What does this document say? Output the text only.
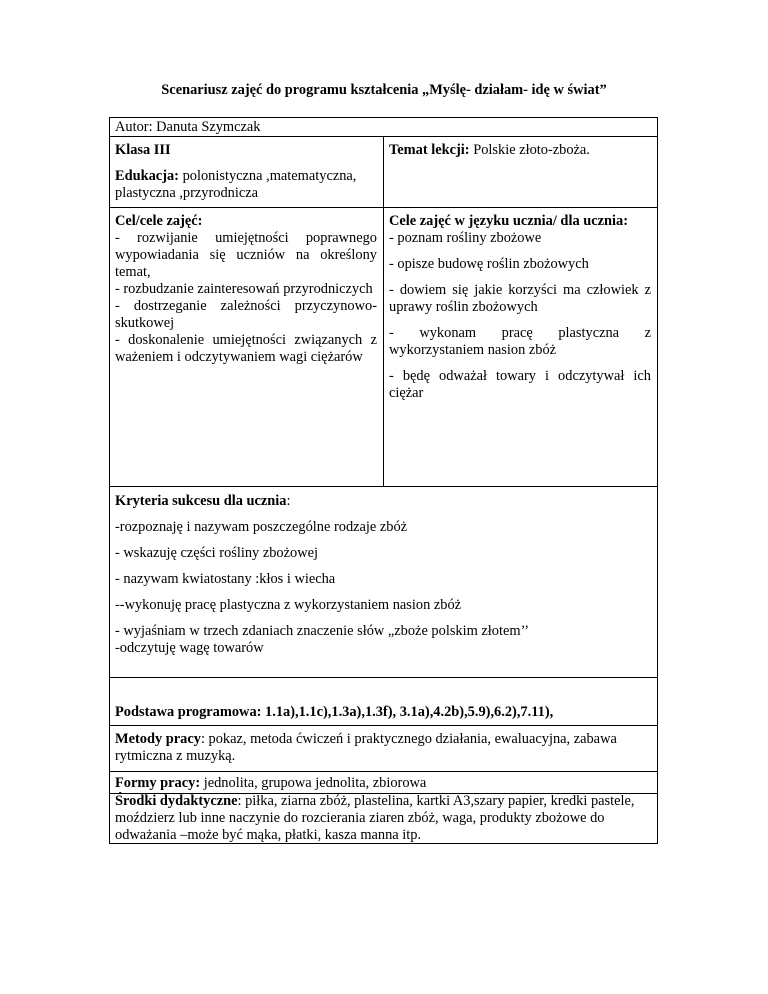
Scenariusz zajęć do programu kształcenia „Myślę- działam- idę w świat”
Autor: Danuta Szymczak
Klasa III	Temat lekcji: Polskie złoto-zboża.
Edukacja: polonistyczna ,matematyczna, plastyczna ,przyrodnicza

Cel/cele zajęć:

- rozwijanie umiejętności poprawnego wypowiadania się uczniów na określony temat,

- rozbudzanie zainteresowań przyrodniczych

- dostrzeganie zależności przyczynowo-skutkowej

- doskonalenie umiejętności związanych z ważeniem i odczytywaniem wagi ciężarów

Cele zajęć w języku ucznia/ dla ucznia:

- poznam rośliny zbożowe

- opisze budowę roślin zbożowych

- dowiem się jakie korzyści ma człowiek z uprawy roślin zbożowych

- wykonam pracę plastyczna z wykorzystaniem nasion zbóż

- będę odważał towary i odczytywał ich ciężar

Kryteria sukcesu dla ucznia:

-rozpoznaję i nazywam poszczególne rodzaje zbóż

- wskazuję części rośliny zbożowej

- nazywam kwiatostany :kłos i wiecha

--wykonuję pracę plastyczna z wykorzystaniem nasion zbóż

- wyjaśniam w trzech zdaniach znaczenie słów „zboże polskim złotem’’

-odczytuję wagę towarów

Podstawa programowa: 1.1a),1.1c),1.3a),1.3f), 3.1a),4.2b),5.9),6.2),7.11),
Metody pracy: pokaz, metoda ćwiczeń i praktycznego działania, ewaluacyjna, zabawa rytmiczna z muzyką.
Formy pracy: jednolita, grupowa jednolita, zbiorowa
Środki dydaktyczne: piłka, ziarna zbóż, plastelina, kartki A3,szary papier, kredki pastele, moździerz lub inne naczynie do rozcierania ziaren zbóż, waga, produkty zbożowe do odważania –może być mąka, płatki, kasza manna itp.
